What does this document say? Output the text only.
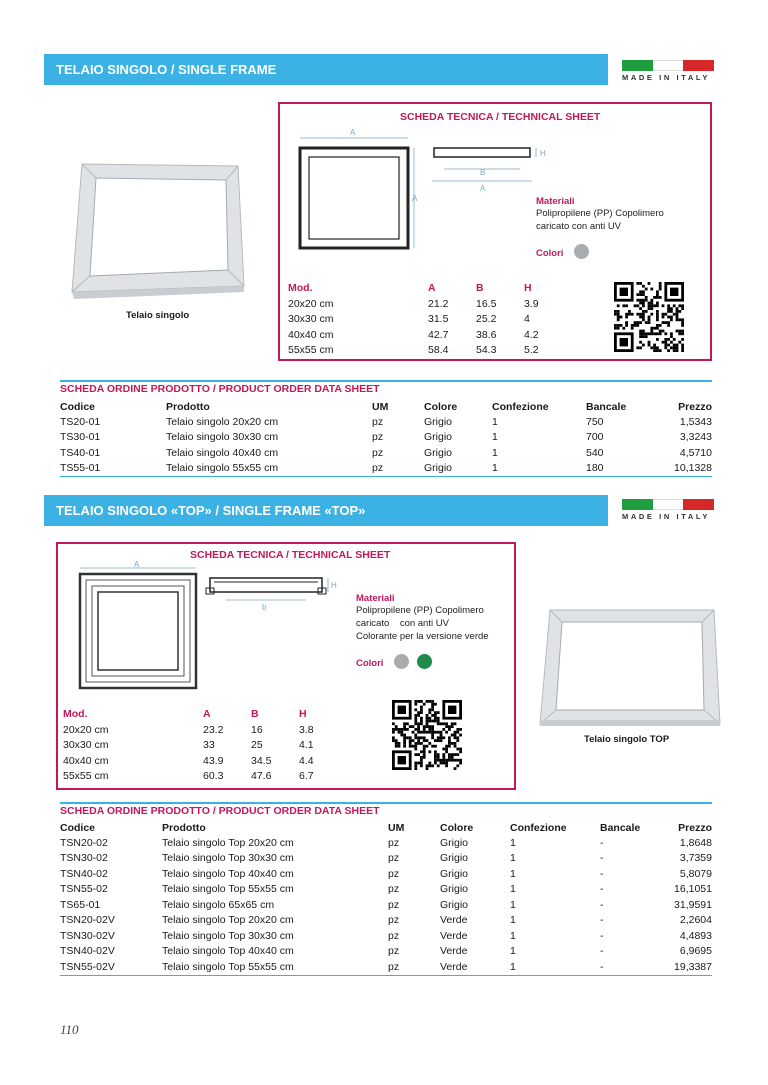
TELAIO SINGOLO / SINGLE FRAME
MADE IN ITALY
Telaio singolo
SCHEDA TECNICA / TECHNICAL SHEET
A
A
B
A
H
Materiali
Polipropilene (PP) Copolimero
caricato con anti UV
Colori
Mod.	A	B	H
20x20 cm	21.2	16.5	3.9
30x30 cm	31.5	25.2	4
40x40 cm	42.7	38.6	4.2
55x55 cm	58.4	54.3	5.2
SCHEDA ORDINE PRODOTTO / PRODUCT ORDER DATA SHEET
Codice	Prodotto	UM	Colore	Confezione	Bancale	Prezzo
TS20-01	Telaio singolo 20x20 cm	pz	Grigio	1	750	1,5343
TS30-01	Telaio singolo 30x30 cm	pz	Grigio	1	700	3,3243
TS40-01	Telaio singolo 40x40 cm	pz	Grigio	1	540	4,5710
TS55-01	Telaio singolo 55x55 cm	pz	Grigio	1	180	10,1328
TELAIO SINGOLO «TOP» / SINGLE FRAME «TOP»	MADE IN ITALY
SCHEDA TECNICA / TECHNICAL SHEET
A
H
b
Materiali
Polipropilene (PP) Copolimero
caricato    con anti UV
Colorante per la versione verde
Colori
Mod.	A	B	H
20x20 cm	23.2	16	3.8
30x30 cm	33	25	4.1
40x40 cm	43.9	34.5	4.4
55x55 cm	60.3	47.6	6.7
Telaio singolo TOP
SCHEDA ORDINE PRODOTTO / PRODUCT ORDER DATA SHEET
Codice	Prodotto	UM	Colore	Confezione	Bancale	Prezzo
TSN20-02	Telaio singolo Top 20x20 cm	pz	Grigio	1	-	1,8648
TSN30-02	Telaio singolo Top 30x30 cm	pz	Grigio	1	-	3,7359
TSN40-02	Telaio singolo Top 40x40 cm	pz	Grigio	1	-	5,8079
TSN55-02	Telaio singolo Top 55x55 cm	pz	Grigio	1	-	16,1051
TS65-01	Telaio singolo 65x65 cm	pz	Grigio	1	-	31,9591
TSN20-02V	Telaio singolo Top 20x20 cm	pz	Verde	1	-	2,2604
TSN30-02V	Telaio singolo Top 30x30 cm	pz	Verde	1	-	4,4893
TSN40-02V	Telaio singolo Top 40x40 cm	pz	Verde	1	-	6,9695
TSN55-02V	Telaio singolo Top 55x55 cm	pz	Verde	1	-	19,3387
110
